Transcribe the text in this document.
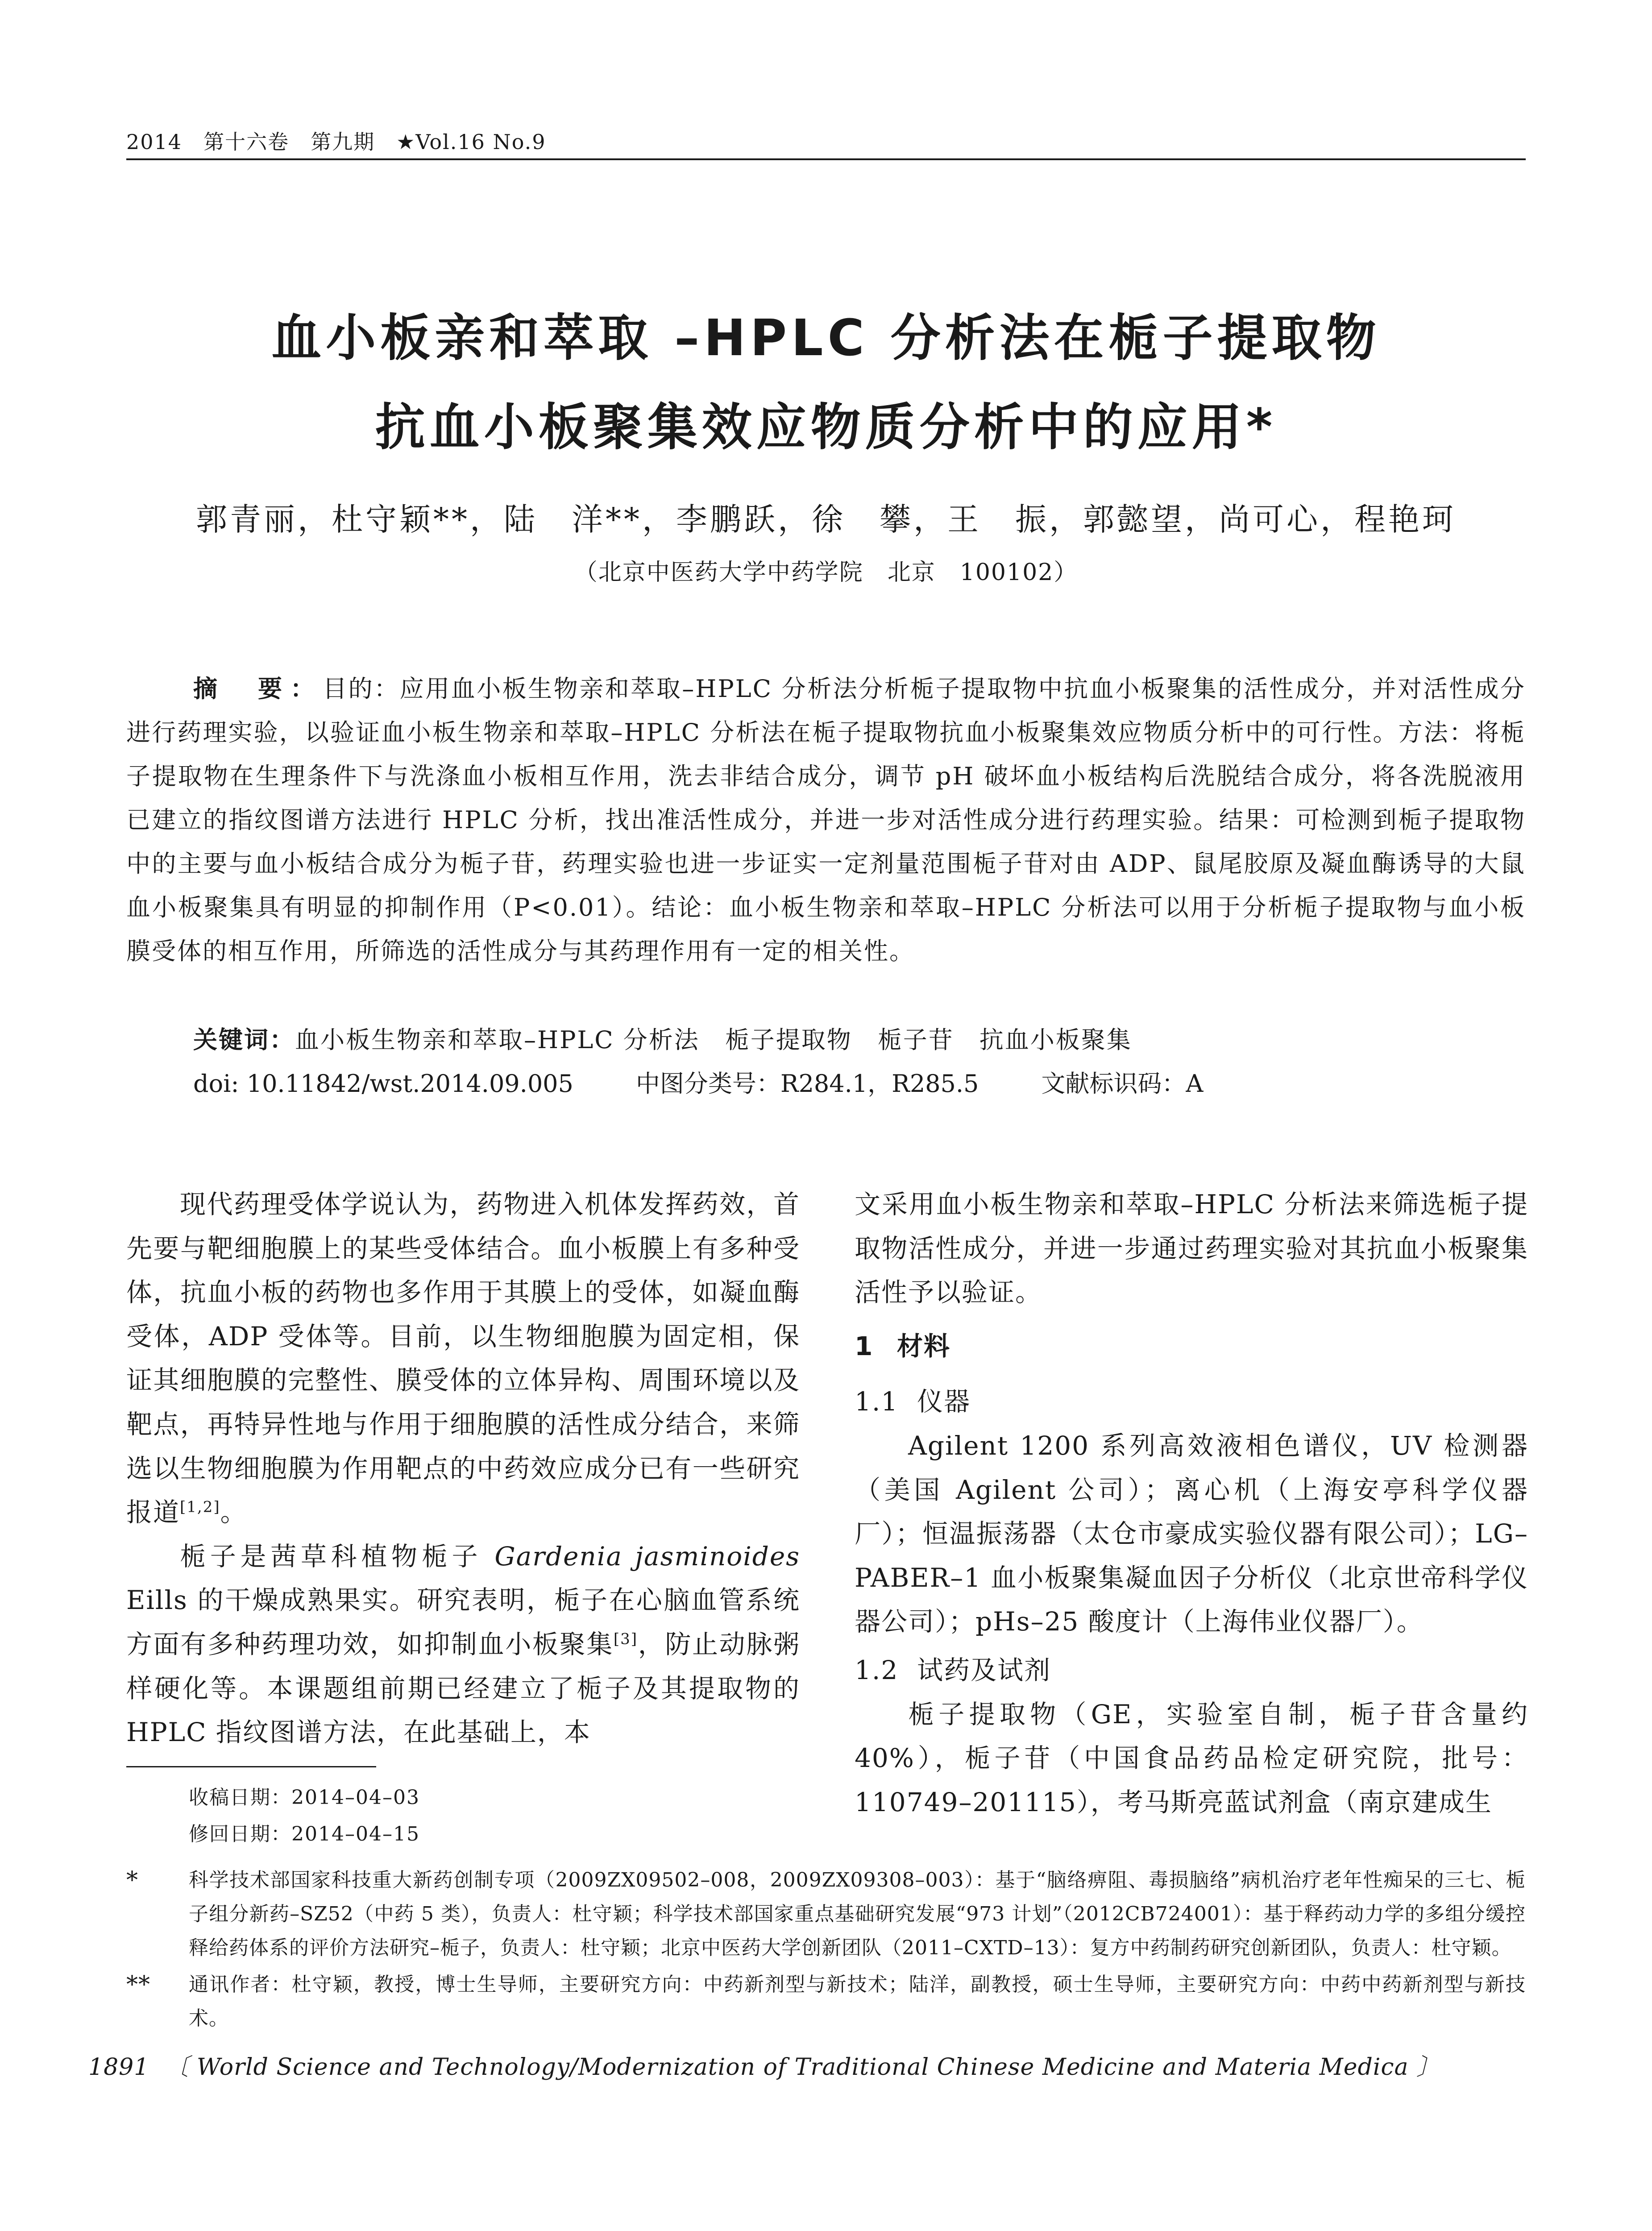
2014 第十六卷 第九期 ★Vol.16 No.9
血小板亲和萃取 –HPLC 分析法在栀子提取物
抗血小板聚集效应物质分析中的应用*
郭青丽，杜守颖**，陆　洋**，李鹏跃，徐　攀，王　振，郭懿望，尚可心，程艳珂
（北京中医药大学中药学院　北京　100102）
摘　要：目的：应用血小板生物亲和萃取–HPLC 分析法分析栀子提取物中抗血小板聚集的活性成分，并对活性成分进行药理实验，以验证血小板生物亲和萃取–HPLC 分析法在栀子提取物抗血小板聚集效应物质分析中的可行性。方法：将栀子提取物在生理条件下与洗涤血小板相互作用，洗去非结合成分，调节 pH 破坏血小板结构后洗脱结合成分，将各洗脱液用已建立的指纹图谱方法进行 HPLC 分析，找出准活性成分，并进一步对活性成分进行药理实验。结果：可检测到栀子提取物中的主要与血小板结合成分为栀子苷，药理实验也进一步证实一定剂量范围栀子苷对由 ADP、鼠尾胶原及凝血酶诱导的大鼠血小板聚集具有明显的抑制作用（P<0.01）。结论：血小板生物亲和萃取–HPLC 分析法可以用于分析栀子提取物与血小板膜受体的相互作用，所筛选的活性成分与其药理作用有一定的相关性。
关键词：血小板生物亲和萃取–HPLC 分析法　栀子提取物　栀子苷　抗血小板聚集
doi: 10.11842/wst.2014.09.005	中图分类号：R284.1，R285.5	文献标识码：A

现代药理受体学说认为，药物进入机体发挥药效，首先要与靶细胞膜上的某些受体结合。血小板膜上有多种受体，抗血小板的药物也多作用于其膜上的受体，如凝血酶受体，ADP 受体等。目前，以生物细胞膜为固定相，保证其细胞膜的完整性、膜受体的立体异构、周围环境以及靶点，再特异性地与作用于细胞膜的活性成分结合，来筛选以生物细胞膜为作用靶点的中药效应成分已有一些研究报道[1,2]。

栀子是茜草科植物栀子 Gardenia jasminoides Eills 的干燥成熟果实。研究表明，栀子在心脑血管系统方面有多种药理功效，如抑制血小板聚集[3]，防止动脉粥样硬化等。本课题组前期已经建立了栀子及其提取物的 HPLC 指纹图谱方法，在此基础上，本

文采用血小板生物亲和萃取–HPLC 分析法来筛选栀子提取物活性成分，并进一步通过药理实验对其抗血小板聚集活性予以验证。

1 材料
1.1 仪器

Agilent 1200 系列高效液相色谱仪，UV 检测器（美国 Agilent 公司）；离心机（上海安亭科学仪器厂）；恒温振荡器（太仓市豪成实验仪器有限公司）；LG–PABER–1 血小板聚集凝血因子分析仪（北京世帝科学仪器公司）；pHs–25 酸度计（上海伟业仪器厂）。

1.2 试药及试剂

栀子提取物（GE，实验室自制，栀子苷含量约 40%），栀子苷（中国食品药品检定研究院，批号：110749–201115），考马斯亮蓝试剂盒（南京建成生

收稿日期：2014–04–03
修回日期：2014–04–15
*	科学技术部国家科技重大新药创制专项（2009ZX09502–008，2009ZX09308–003）：基于“脑络痹阻、毒损脑络”病机治疗老年性痴呆的三七、栀子组分新药–SZ52（中药 5 类），负责人：杜守颖；科学技术部国家重点基础研究发展“973 计划”（2012CB724001）：基于释药动力学的多组分缓控释给药体系的评价方法研究–栀子，负责人：杜守颖；北京中医药大学创新团队（2011–CXTD–13）：复方中药制药研究创新团队，负责人：杜守颖。
** 通讯作者：杜守颖，教授，博士生导师，主要研究方向：中药新剂型与新技术；陆洋，副教授，硕士生导师，主要研究方向：中药中药新剂型与新技术。
1891 〔 World Science and Technology/Modernization of Traditional Chinese Medicine and Materia Medica 〕
